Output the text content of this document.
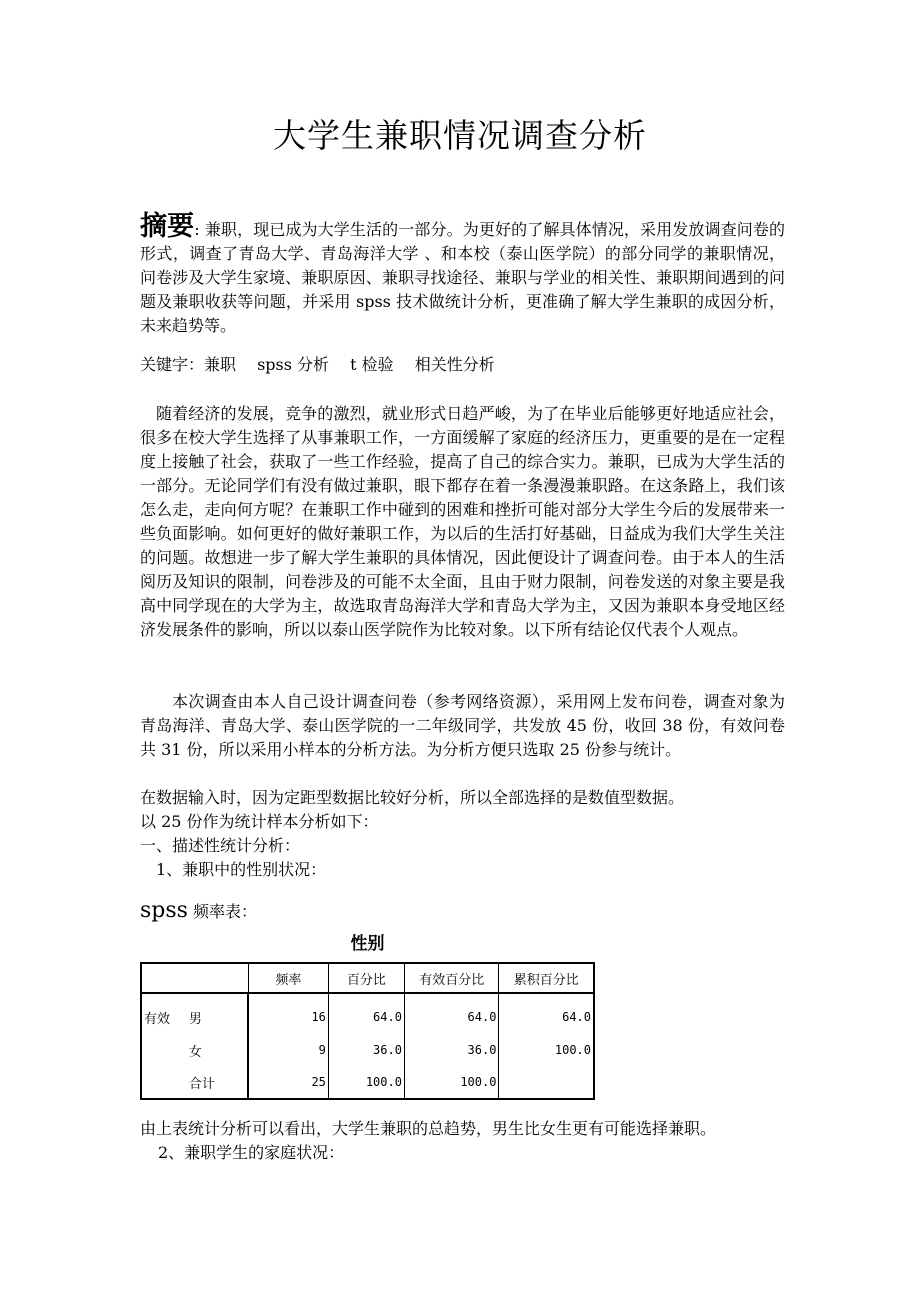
大学生兼职情况调查分析
摘要: 兼职，现已成为大学生活的一部分。为更好的了解具体情况，采用发放调查问卷的形式，调查了青岛大学、青岛海洋大学 、和本校（泰山医学院）的部分同学的兼职情况，问卷涉及大学生家境、兼职原因、兼职寻找途径、兼职与学业的相关性、兼职期间遇到的问题及兼职收获等问题，并采用 spss 技术做统计分析，更准确了解大学生兼职的成因分析，未来趋势等。
关键字：兼职　 spss 分析　 t 检验　 相关性分析
随着经济的发展，竞争的激烈，就业形式日趋严峻，为了在毕业后能够更好地适应社会，很多在校大学生选择了从事兼职工作，一方面缓解了家庭的经济压力，更重要的是在一定程度上接触了社会，获取了一些工作经验，提高了自己的综合实力。兼职，已成为大学生活的一部分。无论同学们有没有做过兼职，眼下都存在着一条漫漫兼职路。在这条路上，我们该怎么走，走向何方呢？在兼职工作中碰到的困难和挫折可能对部分大学生今后的发展带来一些负面影响。如何更好的做好兼职工作，为以后的生活打好基础，日益成为我们大学生关注的问题。故想进一步了解大学生兼职的具体情况，因此便设计了调查问卷。由于本人的生活阅历及知识的限制，问卷涉及的可能不太全面，且由于财力限制，问卷发送的对象主要是我高中同学现在的大学为主，故选取青岛海洋大学和青岛大学为主，又因为兼职本身受地区经济发展条件的影响，所以以泰山医学院作为比较对象。以下所有结论仅代表个人观点。
本次调查由本人自己设计调查问卷（参考网络资源），采用网上发布问卷，调查对象为青岛海洋、青岛大学、泰山医学院的一二年级同学，共发放 45 份，收回 38 份，有效问卷共 31 份，所以采用小样本的分析方法。为分析方便只选取 25 份参与统计。
在数据输入时，因为定距型数据比较好分析，所以全部选择的是数值型数据。
以 25 份作为统计样本分析如下：
一、描述性统计分析：
　1、兼职中的性别状况：
spss 频率表：
性别
		频率	百分比	有效百分比	累积百分比
有效	男	16	64.0	64.0	64.0
	女	9	36.0	36.0	100.0
	合计	25	100.0	100.0	
由上表统计分析可以看出，大学生兼职的总趋势，男生比女生更有可能选择兼职。
2、兼职学生的家庭状况：
